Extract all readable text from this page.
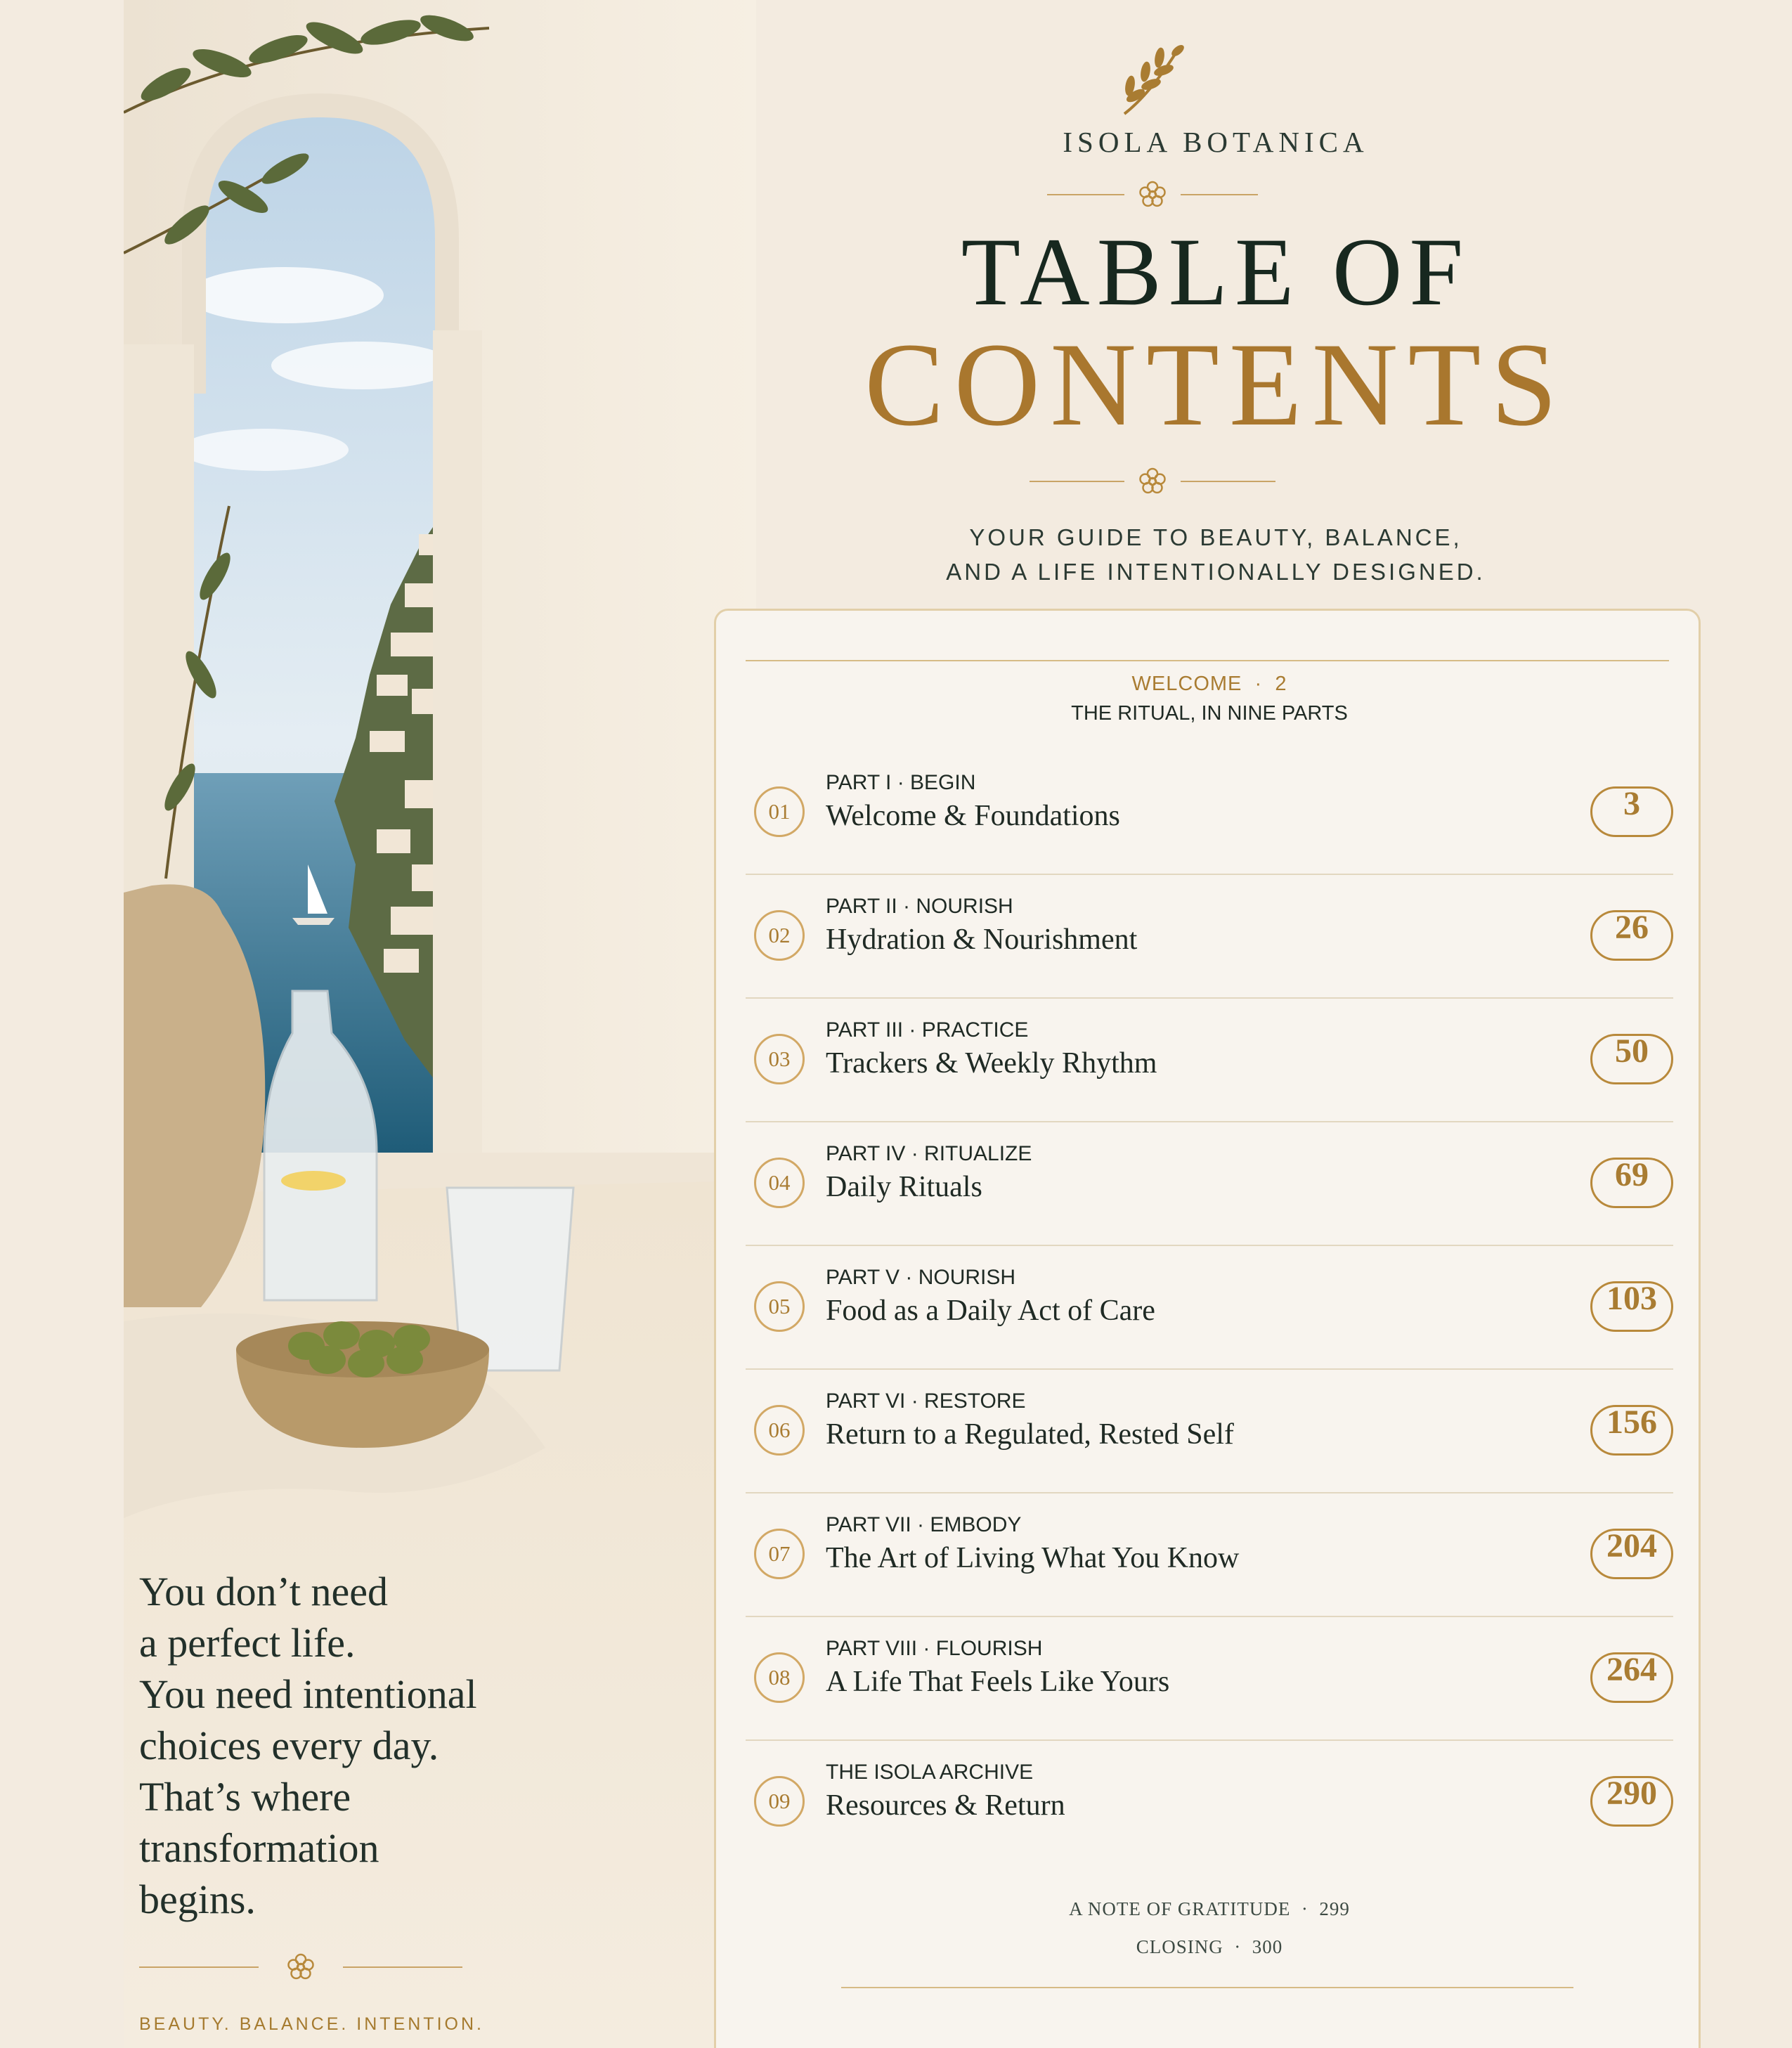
You don’t need
a perfect life.
You need intentional
choices every day.
That’s where
transformation
begins.
BEAUTY. BALANCE. INTENTION.
ISOLA BOTANICA
TABLE OF
CONTENTS
YOUR GUIDE TO BEAUTY, BALANCE,
AND A LIFE INTENTIONALLY DESIGNED.
WELCOME · 2
THE RITUAL, IN NINE PARTS
01
PART I · BEGIN
Welcome & Foundations	3
02
PART II · NOURISH
Hydration & Nourishment	26
03
PART III · PRACTICE
Trackers & Weekly Rhythm	50
04
PART IV · RITUALIZE
Daily Rituals	69
05
PART V · NOURISH
Food as a Daily Act of Care	103
06
PART VI · RESTORE
Return to a Regulated, Rested Self	156
07
PART VII · EMBODY
The Art of Living What You Know	204
08
PART VIII · FLOURISH
A Life That Feels Like Yours	264
09
THE ISOLA ARCHIVE
Resources & Return	290
A NOTE OF GRATITUDE  ·  299
CLOSING  ·  300
